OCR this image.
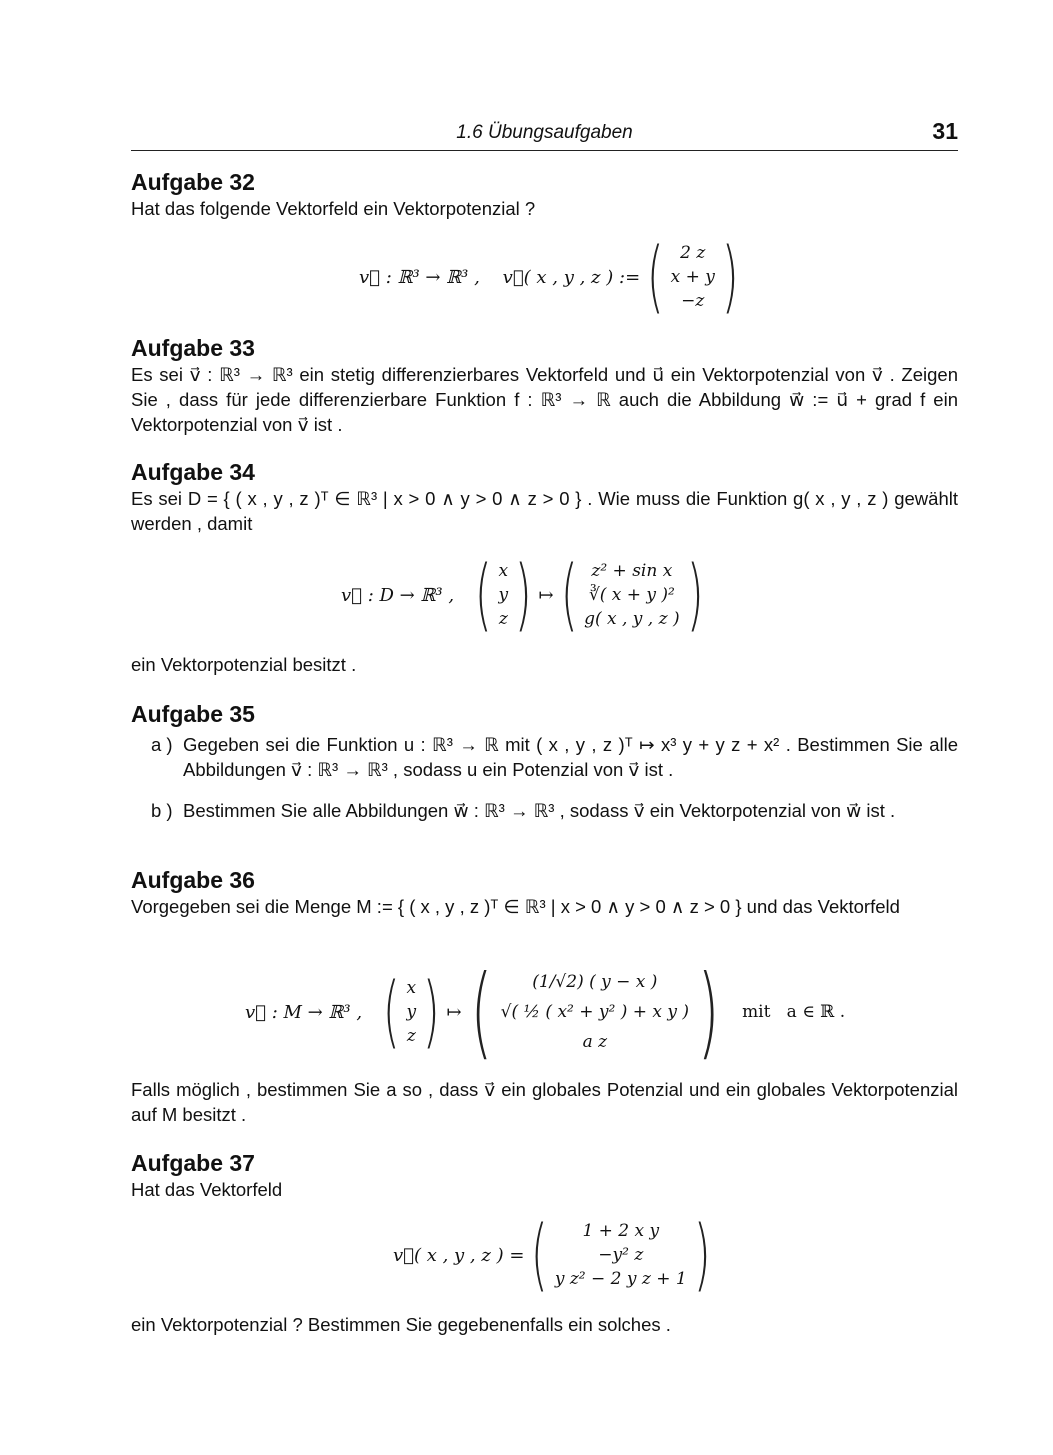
1.6 Übungsaufgaben	31
Aufgabe 32

Hat das folgende Vektorfeld ein Vektorpotenzial ?

v⃗ : ℝ³ → ℝ³ ,    v⃗( x , y , z ) := ( 2 z
x + y
−z )
Aufgabe 33

Es sei v⃗ : ℝ³ → ℝ³ ein stetig differenzierbares Vektorfeld und u⃗ ein Vektorpotenzial von v⃗ . Zeigen Sie , dass für jede differenzierbare Funktion f : ℝ³ → ℝ auch die Abbildung w⃗ := u⃗ + grad f ein Vektorpotenzial von v⃗ ist .

Aufgabe 34

Es sei D = { ( x , y , z )ᵀ ∈ ℝ³ | x > 0 ∧ y > 0 ∧ z > 0 } . Wie muss die Funktion g( x , y , z ) gewählt werden , damit

v⃗ : D → ℝ³ , ( x
y
z ) ↦ ( z² + sin x
∛( x + y )²
g( x , y , z ) )

ein Vektorpotenzial besitzt .

Aufgabe 35
a ) Gegeben sei die Funktion u : ℝ³ → ℝ mit ( x , y , z )ᵀ ↦ x³ y + y z + x² . Bestimmen Sie alle Abbildungen v⃗ : ℝ³ → ℝ³ , sodass u ein Potenzial von v⃗ ist .
b ) Bestimmen Sie alle Abbildungen w⃗ : ℝ³ → ℝ³ , sodass v⃗ ein Vektorpotenzial von w⃗ ist .
Aufgabe 36

Vorgegeben sei die Menge M := { ( x , y , z )ᵀ ∈ ℝ³ | x > 0 ∧ y > 0 ∧ z > 0 } und das Vektorfeld

v⃗ : M → ℝ³ , ( x
y
z ) ↦ ( (1/√2) ( y − x )
√( ½ ( x² + y² ) + x y )
a z ) mit   a ∈ ℝ .

Falls möglich , bestimmen Sie a so , dass v⃗ ein globales Potenzial und ein globales Vektorpotenzial auf M besitzt .

Aufgabe 37

Hat das Vektorfeld

v⃗( x , y , z ) = ( 1 + 2 x y
−y² z
y z² − 2 y z + 1 )

ein Vektorpotenzial ? Bestimmen Sie gegebenenfalls ein solches .
